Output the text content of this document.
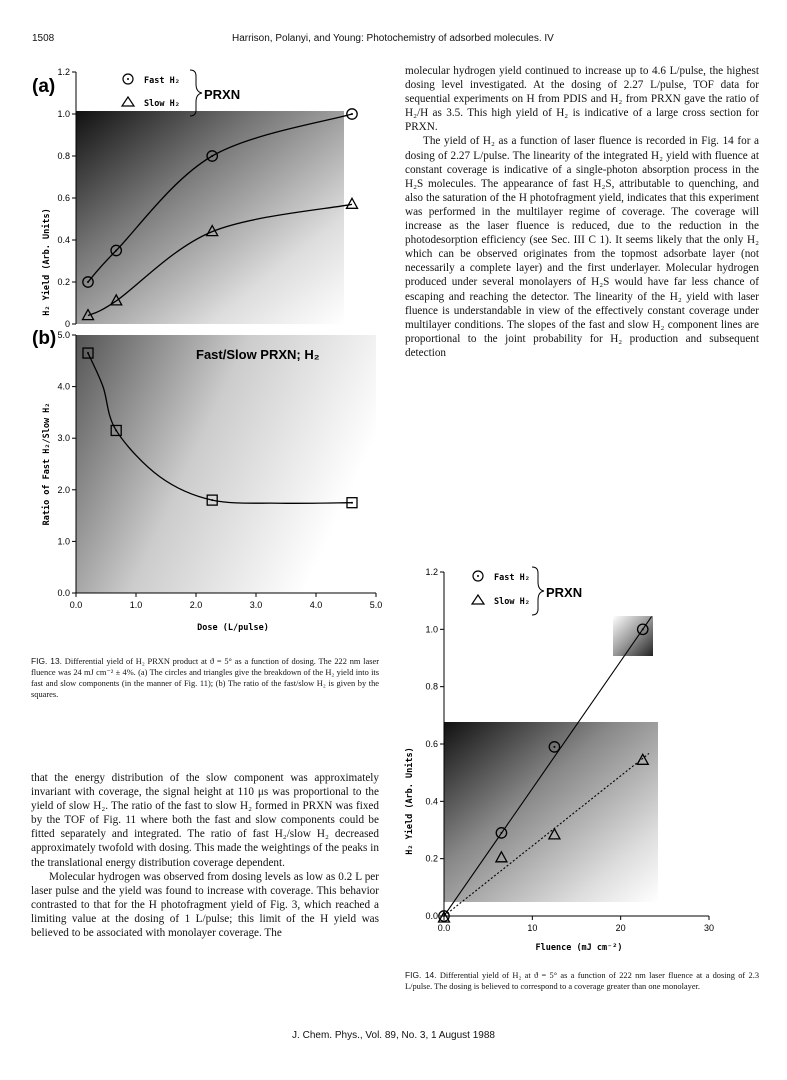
1508	Harrison, Polanyi, and Young: Photochemistry of adsorbed molecules. IV
0
0.2
0.4
0.6
0.8
1.0
1.2
0.0
1.0
2.0
3.0
4.0
5.0
0.0	1.0	2.0	3.0	4.0	5.0
(a)
H₂ Yield (Arb. Units)
Fast H₂
Slow H₂
PRXN
(b)
Fast/Slow PRXN; H₂
Ratio of Fast H₂/Slow H₂
Dose (L/pulse)
FIG. 13. Differential yield of H₂ PRXN product at ϑ = 5° as a function of dosing. The 222 nm laser fluence was 24 mJ cm⁻² ± 4%. (a) The circles and triangles give the breakdown of the H₂ yield into its fast and slow components (in the manner of Fig. 11); (b) The ratio of the fast/slow H₂ is given by the squares.

that the energy distribution of the slow component was approximately invariant with coverage, the signal height at 110 μs was proportional to the yield of slow H₂. The ratio of the fast to slow H₂ formed in PRXN was fixed by the TOF of Fig. 11 where both the fast and slow components could be fitted separately and integrated. The ratio of fast H₂/slow H₂ decreased approximately twofold with dosing. This made the weightings of the peaks in the translational energy distribution coverage dependent.

Molecular hydrogen was observed from dosing levels as low as 0.2 L per laser pulse and the yield was found to increase with coverage. This behavior contrasted to that for the H photofragment yield of Fig. 3, which reached a limiting value at the dosing of 1 L/pulse; this limit of the H yield was believed to be associated with monolayer coverage. The

molecular hydrogen yield continued to increase up to 4.6 L/pulse, the highest dosing level investigated. At the dosing of 2.27 L/pulse, TOF data for sequential experiments on H from PDIS and H₂ from PRXN gave the ratio of H₂/H as 3.5. This high yield of H₂ is indicative of a large cross section for PRXN.

The yield of H₂ as a function of laser fluence is recorded in Fig. 14 for a dosing of 2.27 L/pulse. The linearity of the integrated H₂ yield with fluence at constant coverage is indicative of a single-photon absorption process in the H₂S molecules. The appearance of fast H₂S, attributable to quenching, and also the saturation of the H photofragment yield, indicates that this experiment was performed in the multilayer regime of coverage. The coverage will increase as the laser fluence is reduced, due to the reduction in the photodesorption efficiency (see Sec. III C 1). It seems likely that the only H₂ which can be observed originates from the topmost adsorbate layer (not necessarily a complete layer) and the first underlayer. Molecular hydrogen produced under several monolayers of H₂S would have far less chance of escaping and reaching the detector. The linearity of the H₂ yield with laser fluence is understandable in view of the effectively constant coverage under multilayer conditions. The slopes of the fast and slow H₂ component lines are proportional to the joint probability for H₂ production and subsequent detection

0.0
0.2
0.4
0.6
0.8
1.0
1.2
0.0	10	20	30
H₂ Yield (Arb. Units)
Fluence (mJ cm⁻²)
Fast H₂
Slow H₂
PRXN
FIG. 14. Differential yield of H₂ at ϑ = 5° as a function of 222 nm laser fluence at a dosing of 2.3 L/pulse. The dosing is believed to correspond to a coverage greater than one monolayer.
J. Chem. Phys., Vol. 89, No. 3, 1 August 1988
